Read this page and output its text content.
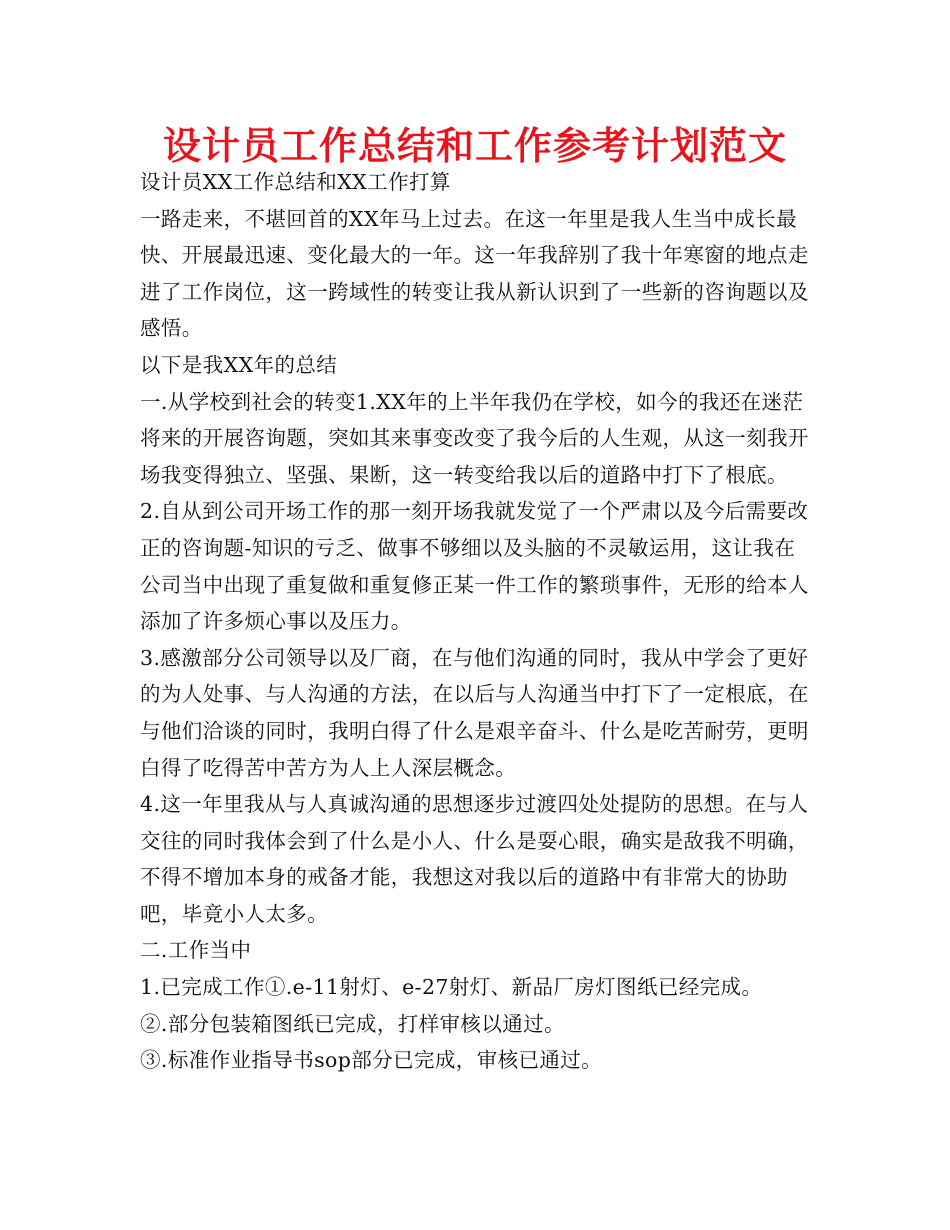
设计员工作总结和工作参考计划范文

设计员XX工作总结和XX工作打算

一路走来，不堪回首的XX年马上过去。在这一年里是我人生当中成长最快、开展最迅速、变化最大的一年。这一年我辞别了我十年寒窗的地点走进了工作岗位，这一跨域性的转变让我从新认识到了一些新的咨询题以及感悟。

以下是我XX年的总结

一.从学校到社会的转变1.XX年的上半年我仍在学校，如今的我还在迷茫将来的开展咨询题，突如其来事变改变了我今后的人生观，从这一刻我开场我变得独立、坚强、果断，这一转变给我以后的道路中打下了根底。

2.自从到公司开场工作的那一刻开场我就发觉了一个严肃以及今后需要改正的咨询题-知识的亏乏、做事不够细以及头脑的不灵敏运用，这让我在公司当中出现了重复做和重复修正某一件工作的繁琐事件，无形的给本人添加了许多烦心事以及压力。

3.感激部分公司领导以及厂商，在与他们沟通的同时，我从中学会了更好的为人处事、与人沟通的方法，在以后与人沟通当中打下了一定根底，在与他们洽谈的同时，我明白得了什么是艰辛奋斗、什么是吃苦耐劳，更明白得了吃得苦中苦方为人上人深层概念。

4.这一年里我从与人真诚沟通的思想逐步过渡四处处提防的思想。在与人交往的同时我体会到了什么是小人、什么是耍心眼，确实是敌我不明确，不得不增加本身的戒备才能，我想这对我以后的道路中有非常大的协助吧，毕竟小人太多。

二.工作当中

1.已完成工作①.e-11射灯、e-27射灯、新品厂房灯图纸已经完成。

②.部分包装箱图纸已完成，打样审核以通过。

③.标准作业指导书sop部分已完成，审核已通过。
